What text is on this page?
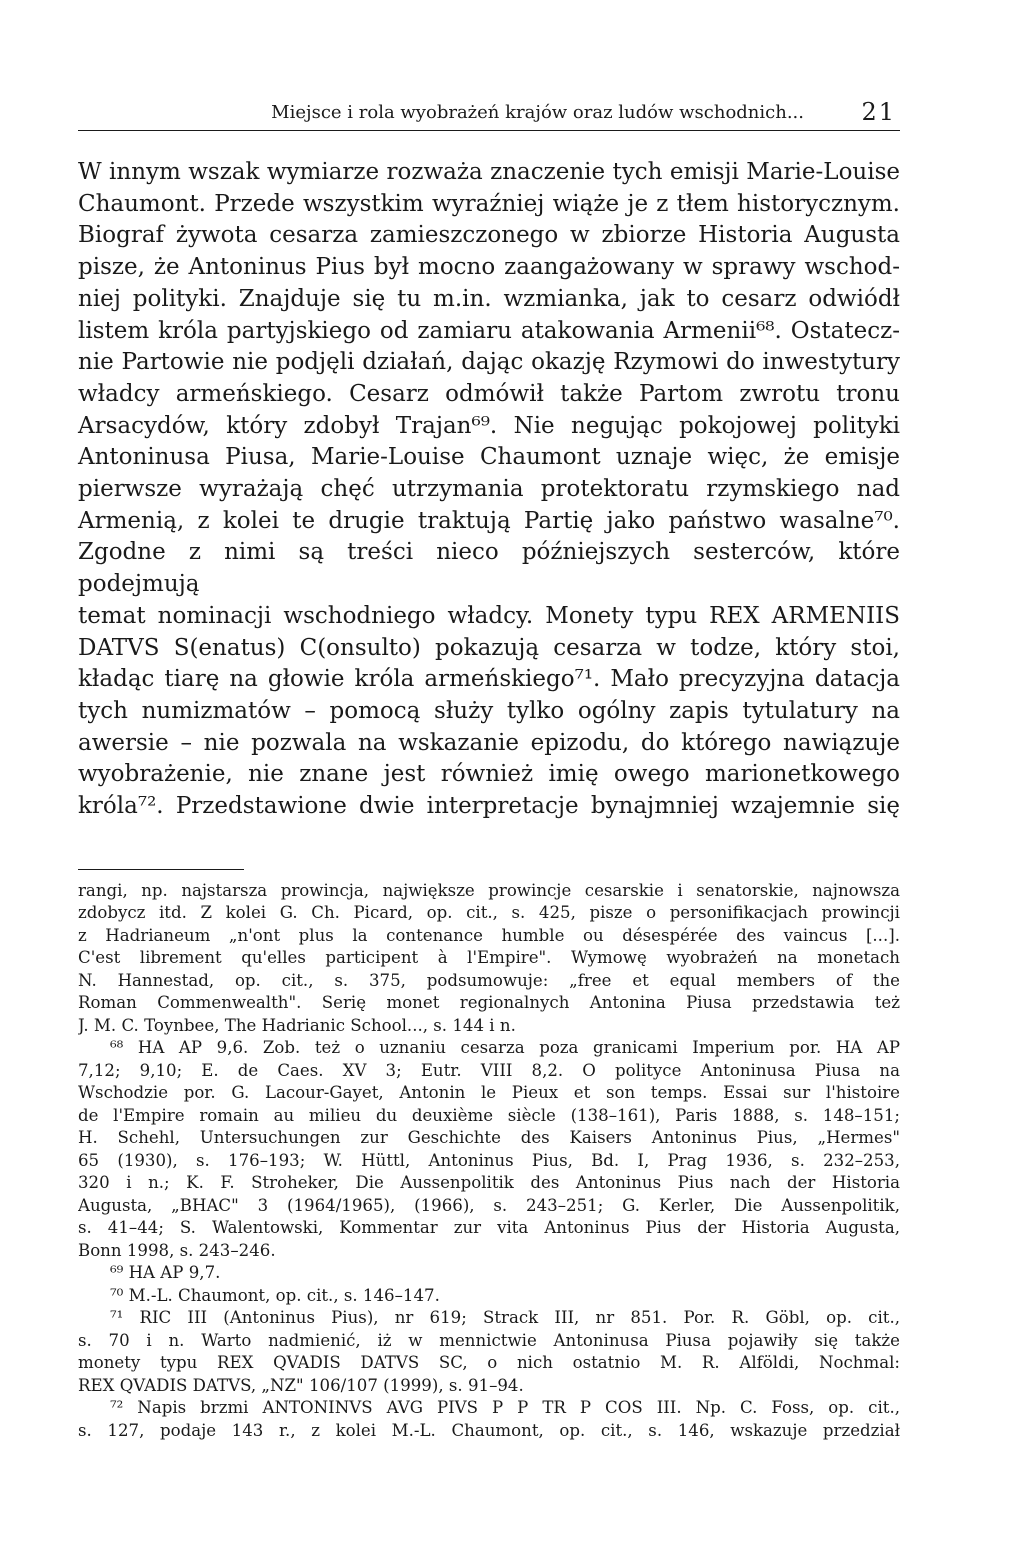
Miejsce i rola wyobrażeń krajów oraz ludów wschodnich... 21

W innym wszak wymiarze rozważa znaczenie tych emisji Marie-Louise

Chaumont. Przede wszystkim wyraźniej wiąże je z tłem historycznym.

Biograf żywota cesarza zamieszczonego w zbiorze Historia Augusta

pisze, że Antoninus Pius był mocno zaangażowany w sprawy wschod-

niej polityki. Znajduje się tu m.in. wzmianka, jak to cesarz odwiódł

listem króla partyjskiego od zamiaru atakowania Armenii⁶⁸. Ostatecz-

nie Partowie nie podjęli działań, dając okazję Rzymowi do inwestytury

władcy armeńskiego. Cesarz odmówił także Partom zwrotu tronu

Arsacydów, który zdobył Trajan⁶⁹. Nie negując pokojowej polityki

Antoninusa Piusa, Marie-Louise Chaumont uznaje więc, że emisje

pierwsze wyrażają chęć utrzymania protektoratu rzymskiego nad

Armenią, z kolei te drugie traktują Partię jako państwo wasalne⁷⁰.

Zgodne z nimi są treści nieco późniejszych sesterców, które podejmują

temat nominacji wschodniego władcy. Monety typu REX ARMENIIS

DATVS S(enatus) C(onsulto) pokazują cesarza w todze, który stoi,

kładąc tiarę na głowie króla armeńskiego⁷¹. Mało precyzyjna datacja

tych numizmatów – pomocą służy tylko ogólny zapis tytulatury na

awersie – nie pozwala na wskazanie epizodu, do którego nawiązuje

wyobrażenie, nie znane jest również imię owego marionetkowego

króla⁷². Przedstawione dwie interpretacje bynajmniej wzajemnie się

rangi, np. najstarsza prowincja, największe prowincje cesarskie i senatorskie, najnowsza

zdobycz itd. Z kolei G. Ch. Picard, op. cit., s. 425, pisze o personifikacjach prowincji

z Hadrianeum „n'ont plus la contenance humble ou désespérée des vaincus [...].

C'est librement qu'elles participent à l'Empire". Wymowę wyobrażeń na monetach

N. Hannestad, op. cit., s. 375, podsumowuje: „free et equal members of the

Roman Commenwealth". Serię monet regionalnych Antonina Piusa przedstawia też

J. M. C. Toynbee, The Hadrianic School..., s. 144 i n.

⁶⁸ HA AP 9,6. Zob. też o uznaniu cesarza poza granicami Imperium por. HA AP

7,12; 9,10; E. de Caes. XV 3; Eutr. VIII 8,2. O polityce Antoninusa Piusa na

Wschodzie por. G. Lacour-Gayet, Antonin le Pieux et son temps. Essai sur l'histoire

de l'Empire romain au milieu du deuxième siècle (138–161), Paris 1888, s. 148–151;

H. Schehl, Untersuchungen zur Geschichte des Kaisers Antoninus Pius, „Hermes"

65 (1930), s. 176–193; W. Hüttl, Antoninus Pius, Bd. I, Prag 1936, s. 232–253,

320 i n.; K. F. Stroheker, Die Aussenpolitik des Antoninus Pius nach der Historia

Augusta, „BHAC" 3 (1964/1965), (1966), s. 243–251; G. Kerler, Die Aussenpolitik,

s. 41–44; S. Walentowski, Kommentar zur vita Antoninus Pius der Historia Augusta,

Bonn 1998, s. 243–246.

⁶⁹ HA AP 9,7.

⁷⁰ M.-L. Chaumont, op. cit., s. 146–147.

⁷¹ RIC III (Antoninus Pius), nr 619; Strack III, nr 851. Por. R. Göbl, op. cit.,

s. 70 i n. Warto nadmienić, iż w mennictwie Antoninusa Piusa pojawiły się także

monety typu REX QVADIS DATVS SC, o nich ostatnio M. R. Alföldi, Nochmal:

REX QVADIS DATVS, „NZ" 106/107 (1999), s. 91–94.

⁷² Napis brzmi ANTONINVS AVG PIVS P P TR P COS III. Np. C. Foss, op. cit.,

s. 127, podaje 143 r., z kolei M.-L. Chaumont, op. cit., s. 146, wskazuje przedział
